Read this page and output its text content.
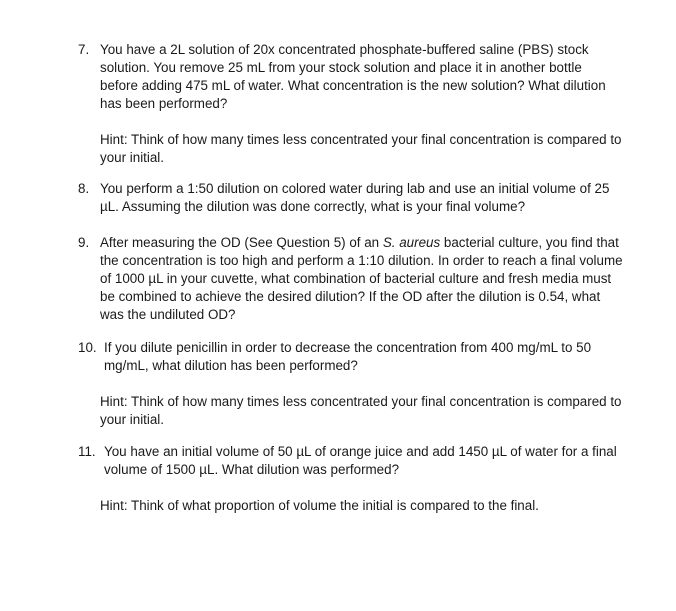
7. You have a 2L solution of 20x concentrated phosphate-buffered saline (PBS) stock solution. You remove 25 mL from your stock solution and place it in another bottle before adding 475 mL of water. What concentration is the new solution? What dilution has been performed?
Hint: Think of how many times less concentrated your final concentration is compared to your initial.
8. You perform a 1:50 dilution on colored water during lab and use an initial volume of 25 µL. Assuming the dilution was done correctly, what is your final volume?
9. After measuring the OD (See Question 5) of an S. aureus bacterial culture, you find that the concentration is too high and perform a 1:10 dilution. In order to reach a final volume of 1000 µL in your cuvette, what combination of bacterial culture and fresh media must be combined to achieve the desired dilution? If the OD after the dilution is 0.54, what was the undiluted OD?
10. If you dilute penicillin in order to decrease the concentration from 400 mg/mL to 50 mg/mL, what dilution has been performed?
Hint: Think of how many times less concentrated your final concentration is compared to your initial.
11. You have an initial volume of 50 µL of orange juice and add 1450 µL of water for a final volume of 1500 µL. What dilution was performed?
Hint: Think of what proportion of volume the initial is compared to the final.
